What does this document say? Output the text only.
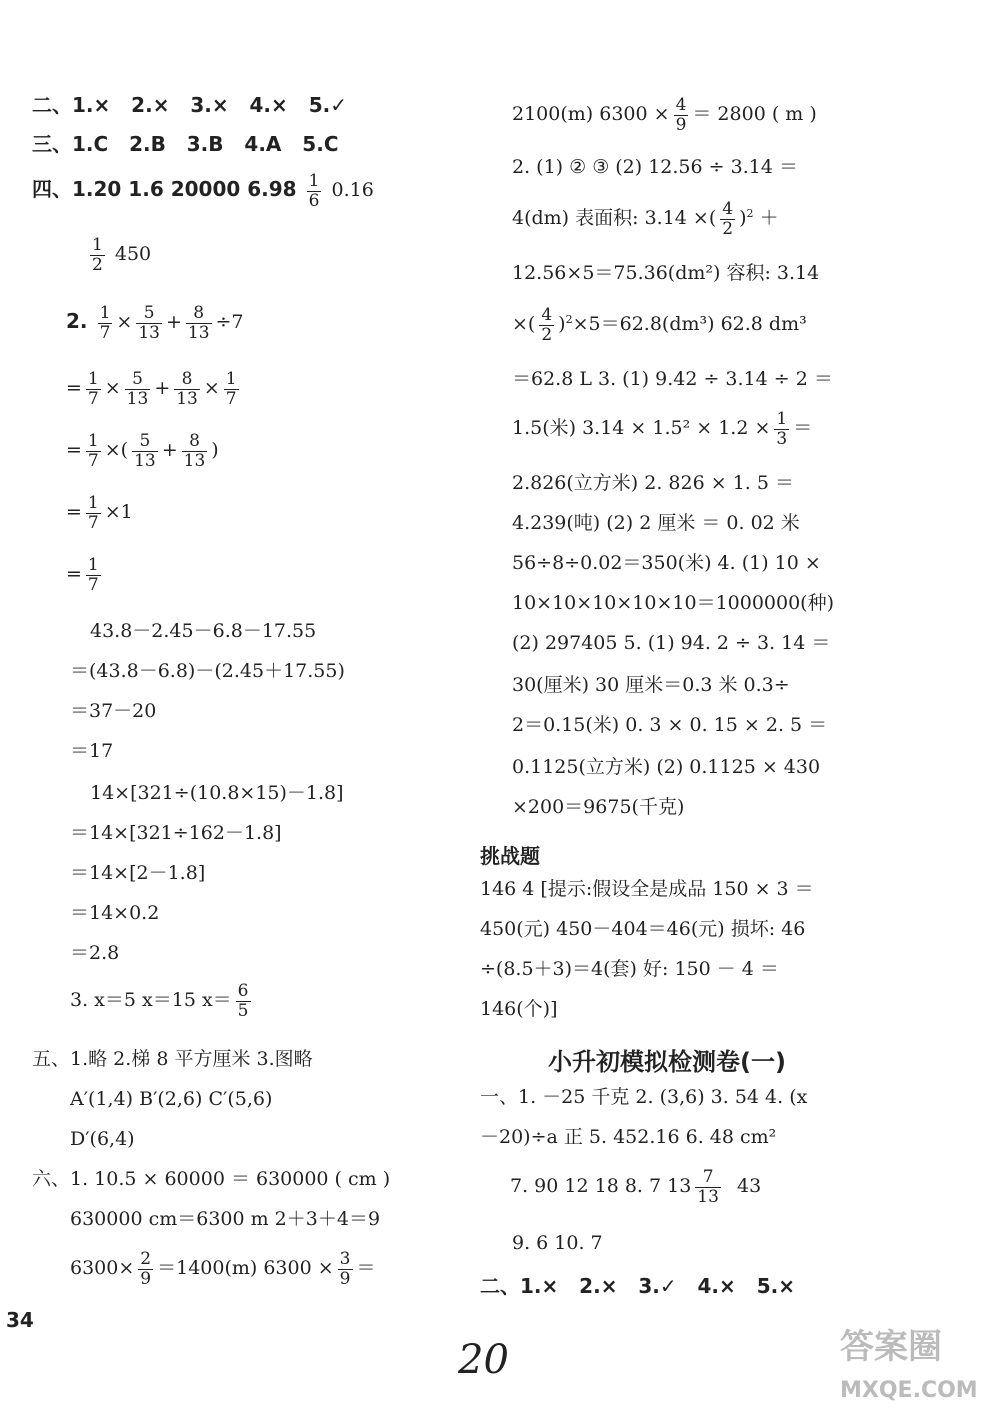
二、1.× 2.× 3.× 4.× 5.✓
三、1.C 2.B 3.B 4.A 5.C
四、1.20 1.6 20000 $6.98 \frac{1}{6} 0.16$
$\frac{1}{2} 450$
2. $\frac{1}{7} \times \frac{5}{13} + \frac{8}{13} \div 7$
= $\frac{1}{7} \times \frac{5}{13} + \frac{8}{13} \times \frac{1}{7}$
= $\frac{1}{7}$ ×( $\frac{5}{13} + \frac{8}{13}$ )
= $\frac{1}{7} \times 1$
= $\frac{1}{7}$
43.8－2.45－6.8－17.55
＝(43.8－6.8)－(2.45＋17.55)
＝37－20
＝17
14×[321÷(10.8×15)－1.8]
＝14×[321÷162－1.8]
＝14×[2－1.8]
＝14×0.2
＝2.8
3. x＝5 x＝15 $x= \frac{6}{5}$
五、1.略 2.梯 8 平方厘米 3.图略
A′(1,4) B′(2,6) C′(5,6)
D′(6,4)
六、1. 10.5 × 60000 ＝ 630000 ( cm )
630000 cm＝6300 m 2＋3＋4＝9
$6300\times \frac{2}{9} =1400(m) 6300 \times \frac{3}{9}$ ＝
34
2100(m) $6300 \times \frac{4}{9} = 2800$ ( m )
2. (1) ② ③ (2) 12.56 ÷ 3.14 ＝
4(dm) 表面积: 3.14 ×( $\frac{4}{2} )^2$ ＋
12.56×5＝75.36(dm²) 容积: 3.14
×( $\frac{4}{2} )^2\times 5=62.8(dm^3)$ 62.8 dm³
＝62.8 L 3. (1) 9.42 ÷ 3.14 ÷ 2 ＝
1.5(米) $3.14 \times 1.5^2 \times 1.2 \times \frac{1}{3}$ ＝
2.826(立方米) 2. 826 × 1. 5 ＝
4.239(吨) (2) 2 厘米 ＝ 0. 02 米
56÷8÷0.02＝350(米) 4. (1) 10 ×
10×10×10×10×10＝1000000(种)
(2) 297405 5. (1) 94. 2 ÷ 3. 14 ＝
30(厘米) 30 厘米＝0.3 米 0.3÷
2＝0.15(米) 0. 3 × 0. 15 × 2. 5 ＝
0.1125(立方米) (2) 0.1125 × 430
×200＝9675(千克)
挑战题
146 4 [提示:假设全是成品 150 × 3 ＝
450(元) 450－404＝46(元) 损坏: 46
÷(8.5＋3)＝4(套) 好: 150 － 4 ＝
146(个)]
小升初模拟检测卷(一)
一、1. －25 千克 2. (3,6) 3. 54 4. (x
－20)÷a 正 5. 452.16 6. 48 cm²
7. 90 12 18 8. 7 $13 \frac{7}{13} 43$
9. 6 10. 7
二、1.× 2.× 3.✓ 4.× 5.×
20	答案圈
MXQE.COM
